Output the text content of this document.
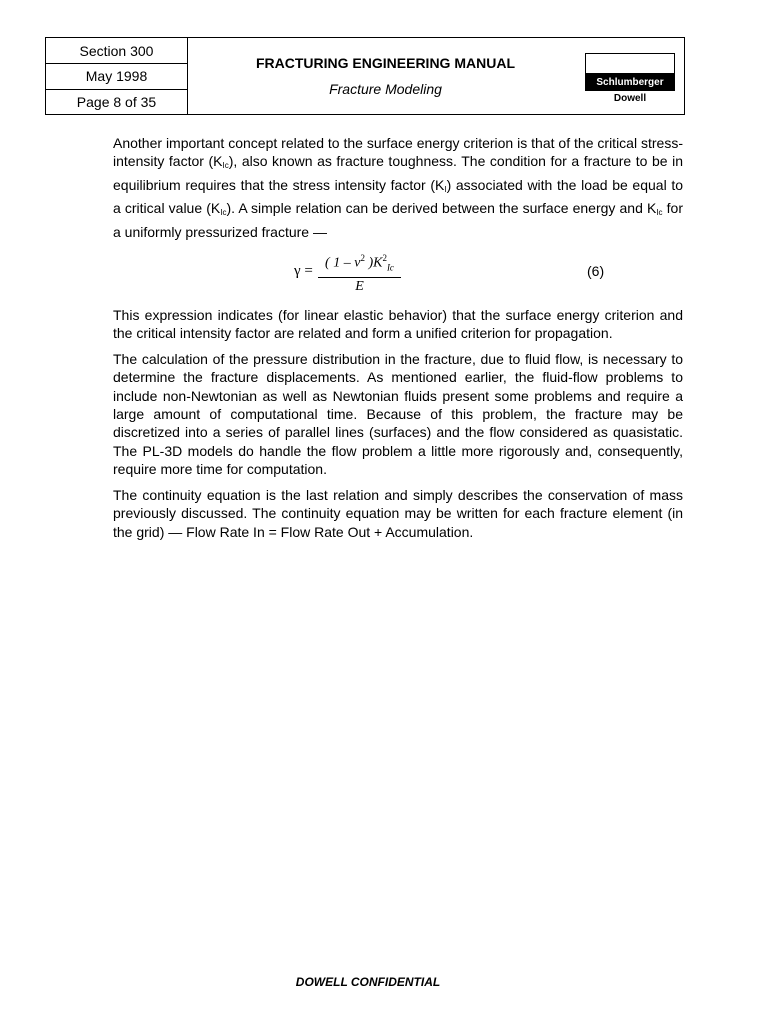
Section 300
May 1998
Page 8 of 35
FRACTURING ENGINEERING MANUAL
Fracture Modeling	Schlumberger
Dowell

Another important concept related to the surface energy criterion is that of the critical stress-intensity factor $(K_{Ic})$, also known as fracture toughness. The condition for a fracture to be in equilibrium requires that the stress intensity factor $(K_I)$ associated with the load be equal to a critical value $(K_{Ic})$. A simple relation can be derived between the surface energy and $K_{Ic}$ for a uniformly pressurized fracture —

$\gamma = \frac{( 1 - \nu^2 )K^2_{Ic}}{E}$	(6)

This expression indicates (for linear elastic behavior) that the surface energy criterion and the critical intensity factor are related and form a unified criterion for propagation.

The calculation of the pressure distribution in the fracture, due to fluid flow, is necessary to determine the fracture displacements. As mentioned earlier, the fluid-flow problems to include non-Newtonian as well as Newtonian fluids present some problems and require a large amount of computational time. Because of this problem, the fracture may be discretized into a series of parallel lines (surfaces) and the flow considered as quasistatic. The PL-3D models do handle the flow problem a little more rigorously and, consequently, require more time for computation.

The continuity equation is the last relation and simply describes the conservation of mass previously discussed. The continuity equation may be written for each fracture element (in the grid) — Flow Rate In = Flow Rate Out + Accumulation.

DOWELL CONFIDENTIAL
